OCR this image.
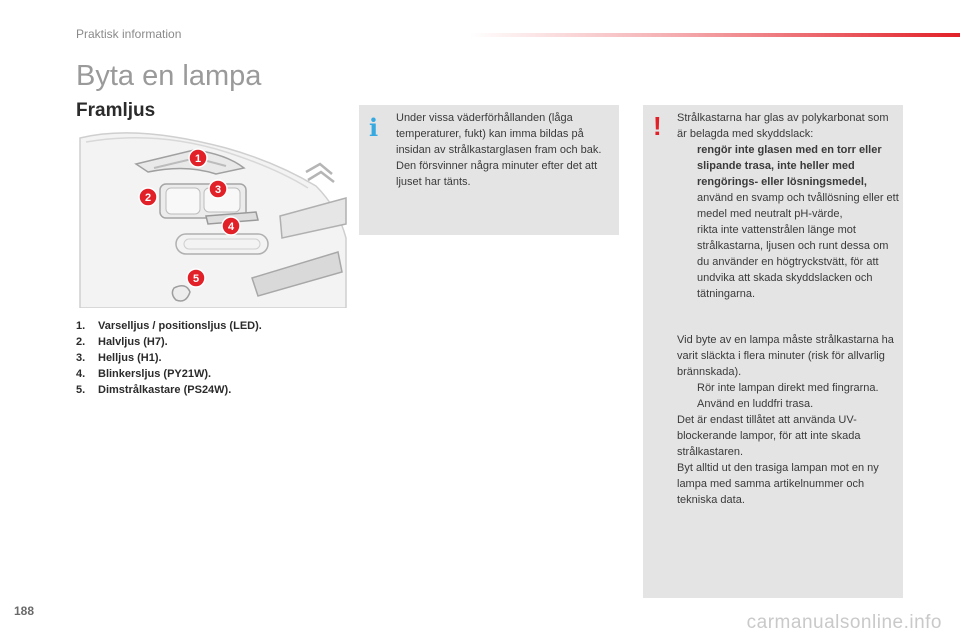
Praktisk information
Byta en lampa
Framljus
1
2
3
4
5
1. Varselljus / positionsljus (LED).
2. Halvljus (H7).
3. Helljus (H1).
4. Blinkersljus (PY21W).
5. Dimstrålkastare (PS24W).
i Under vissa väderförhållanden (låga temperaturer, fukt) kan imma bildas på insidan av strålkastarglasen fram och bak. Den försvinner några minuter efter det att ljuset har tänts.
! Strålkastarna har glas av polykarbonat som är belagda med skyddslack:

rengör inte glasen med en torr eller slipande trasa, inte heller med rengörings- eller lösningsmedel,

använd en svamp och tvållösning eller ett medel med neutralt pH-värde,

rikta inte vattenstrålen länge mot strålkastarna, ljusen och runt dessa om du använder en högtryckstvätt, för att undvika att skada skyddslacken och tätningarna.

Vid byte av en lampa måste strålkastarna ha varit släckta i flera minuter (risk för allvarlig brännskada).

Rör inte lampan direkt med fingrarna. Använd en luddfri trasa.

Det är endast tillåtet att använda UV-blockerande lampor, för att inte skada strålkastaren.

Byt alltid ut den trasiga lampan mot en ny lampa med samma artikelnummer och tekniska data.

188
carmanualsonline.info
